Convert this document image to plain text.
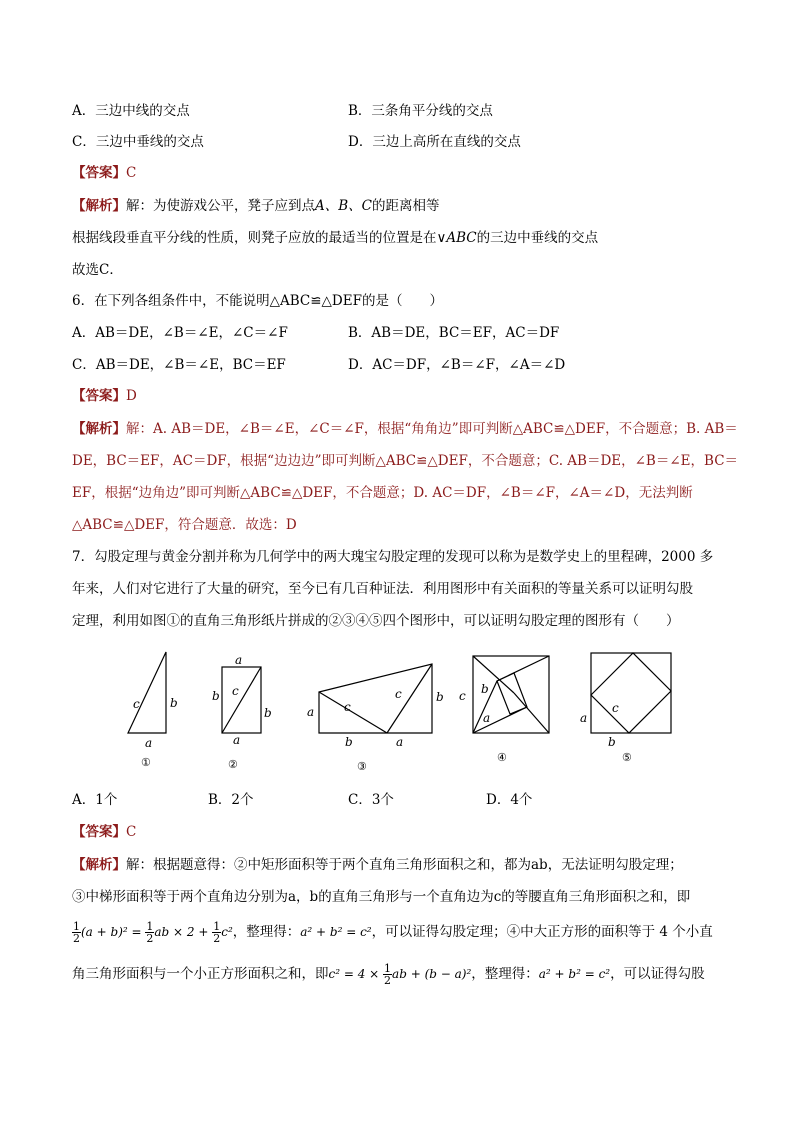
A．三边中线的交点	B．三条角平分线的交点
C．三边中垂线的交点	D．三边上高所在直线的交点
【答案】C
【解析】解：为使游戏公平，凳子应到点A、B、C的距离相等
根据线段垂直平分线的性质，则凳子应放的最适当的位置是在∨ABC的三边中垂线的交点
故选C．
6．在下列各组条件中，不能说明△ABC≌△DEF的是（　　）
A．AB＝DE，∠B＝∠E，∠C＝∠F	B．AB＝DE，BC＝EF，AC＝DF
C．AB＝DE，∠B＝∠E，BC＝EF	D．AC＝DF，∠B＝∠F，∠A＝∠D
【答案】D
【解析】解：A. AB＝DE，∠B＝∠E，∠C＝∠F，根据“角角边”即可判断△ABC≌△DEF，不合题意；B. AB＝
DE，BC＝EF，AC＝DF，根据“边边边”即可判断△ABC≌△DEF，不合题意；C. AB＝DE，∠B＝∠E，BC＝
EF，根据“边角边”即可判断△ABC≌△DEF，不合题意；D. AC＝DF，∠B＝∠F，∠A＝∠D，无法判断
△ABC≌△DEF，符合题意．故选：D
7．勾股定理与黄金分割并称为几何学中的两大瑰宝勾股定理的发现可以称为是数学史上的里程碑，2000 多
年来，人们对它进行了大量的研究，至今已有几百种证法．利用图形中有关面积的等量关系可以证明勾股
定理，利用如图①的直角三角形纸片拼成的②③④⑤四个图形中，可以证明勾股定理的图形有（　　）
c	b
a
a
c
b
b
a
a c
c	b
b	a
c b
a	a
c
b
①	②	③
④	⑤
A．1个	B．2个	C．3个	D．4个
【答案】C
【解析】解：根据题意得：②中矩形面积等于两个直角三角形面积之和，都为ab，无法证明勾股定理；
③中梯形面积等于两个直角边分别为a，b的直角三角形与一个直角边为c的等腰直角三角形面积之和，即
$\frac{1}{2} (a + b)^2 = \frac{1}{2}$ ab × $2 + \frac{1}{2} c^2$，整理得：a² + b² = c²，可以证得勾股定理；④中大正方形的面积等于 4 个小直
角三角形面积与一个小正方形面积之和，即$c^2 = 4 \times \frac{1}{2}$ ab + (b − a)²，整理得：a² + b² = c²，可以证得勾股
